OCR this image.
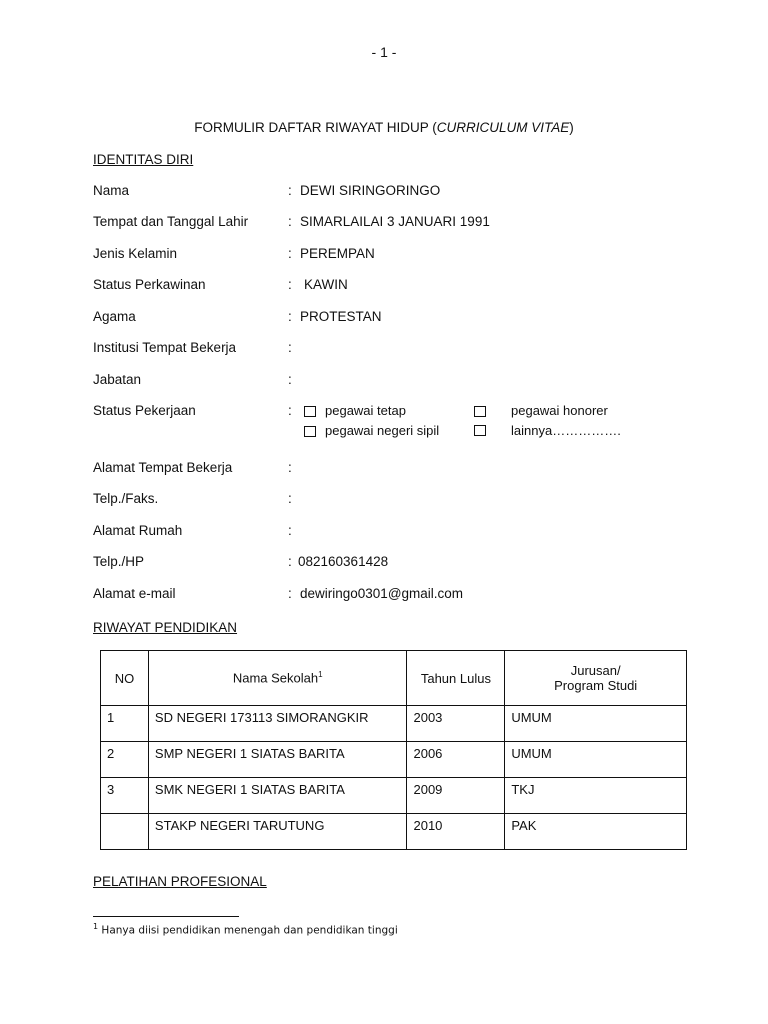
- 1 -
FORMULIR DAFTAR RIWAYAT HIDUP (CURRICULUM VITAE)
IDENTITAS DIRI
Nama	: DEWI SIRINGORINGO
Tempat dan Tanggal Lahir	: SIMARLAILAI 3 JANUARI 1991
Jenis Kelamin	: PEREMPAN
Status Perkawinan	: KAWIN
Agama	: PROTESTAN
Institusi Tempat Bekerja	:
Jabatan	:
Status Pekerjaan	:	pegawai tetap	pegawai honorer
pegawai negeri sipil	lainnya…………….
Alamat Tempat Bekerja	:
Telp./Faks.	:
Alamat Rumah	:
Telp./HP	: 082160361428
Alamat e-mail	: dewiringo0301@gmail.com
RIWAYAT PENDIDIKAN
NO	Nama Sekolah$^1$	Tahun Lulus	Jurusan/
Program Studi
1	SD NEGERI 173113 SIMORANGKIR	2003	UMUM
2	SMP NEGERI 1 SIATAS BARITA	2006	UMUM
3	SMK NEGERI 1 SIATAS BARITA	2009	TKJ
	STAKP NEGERI TARUTUNG	2010	PAK
PELATIHAN PROFESIONAL
$^1$ Hanya diisi pendidikan menengah dan pendidikan tinggi
